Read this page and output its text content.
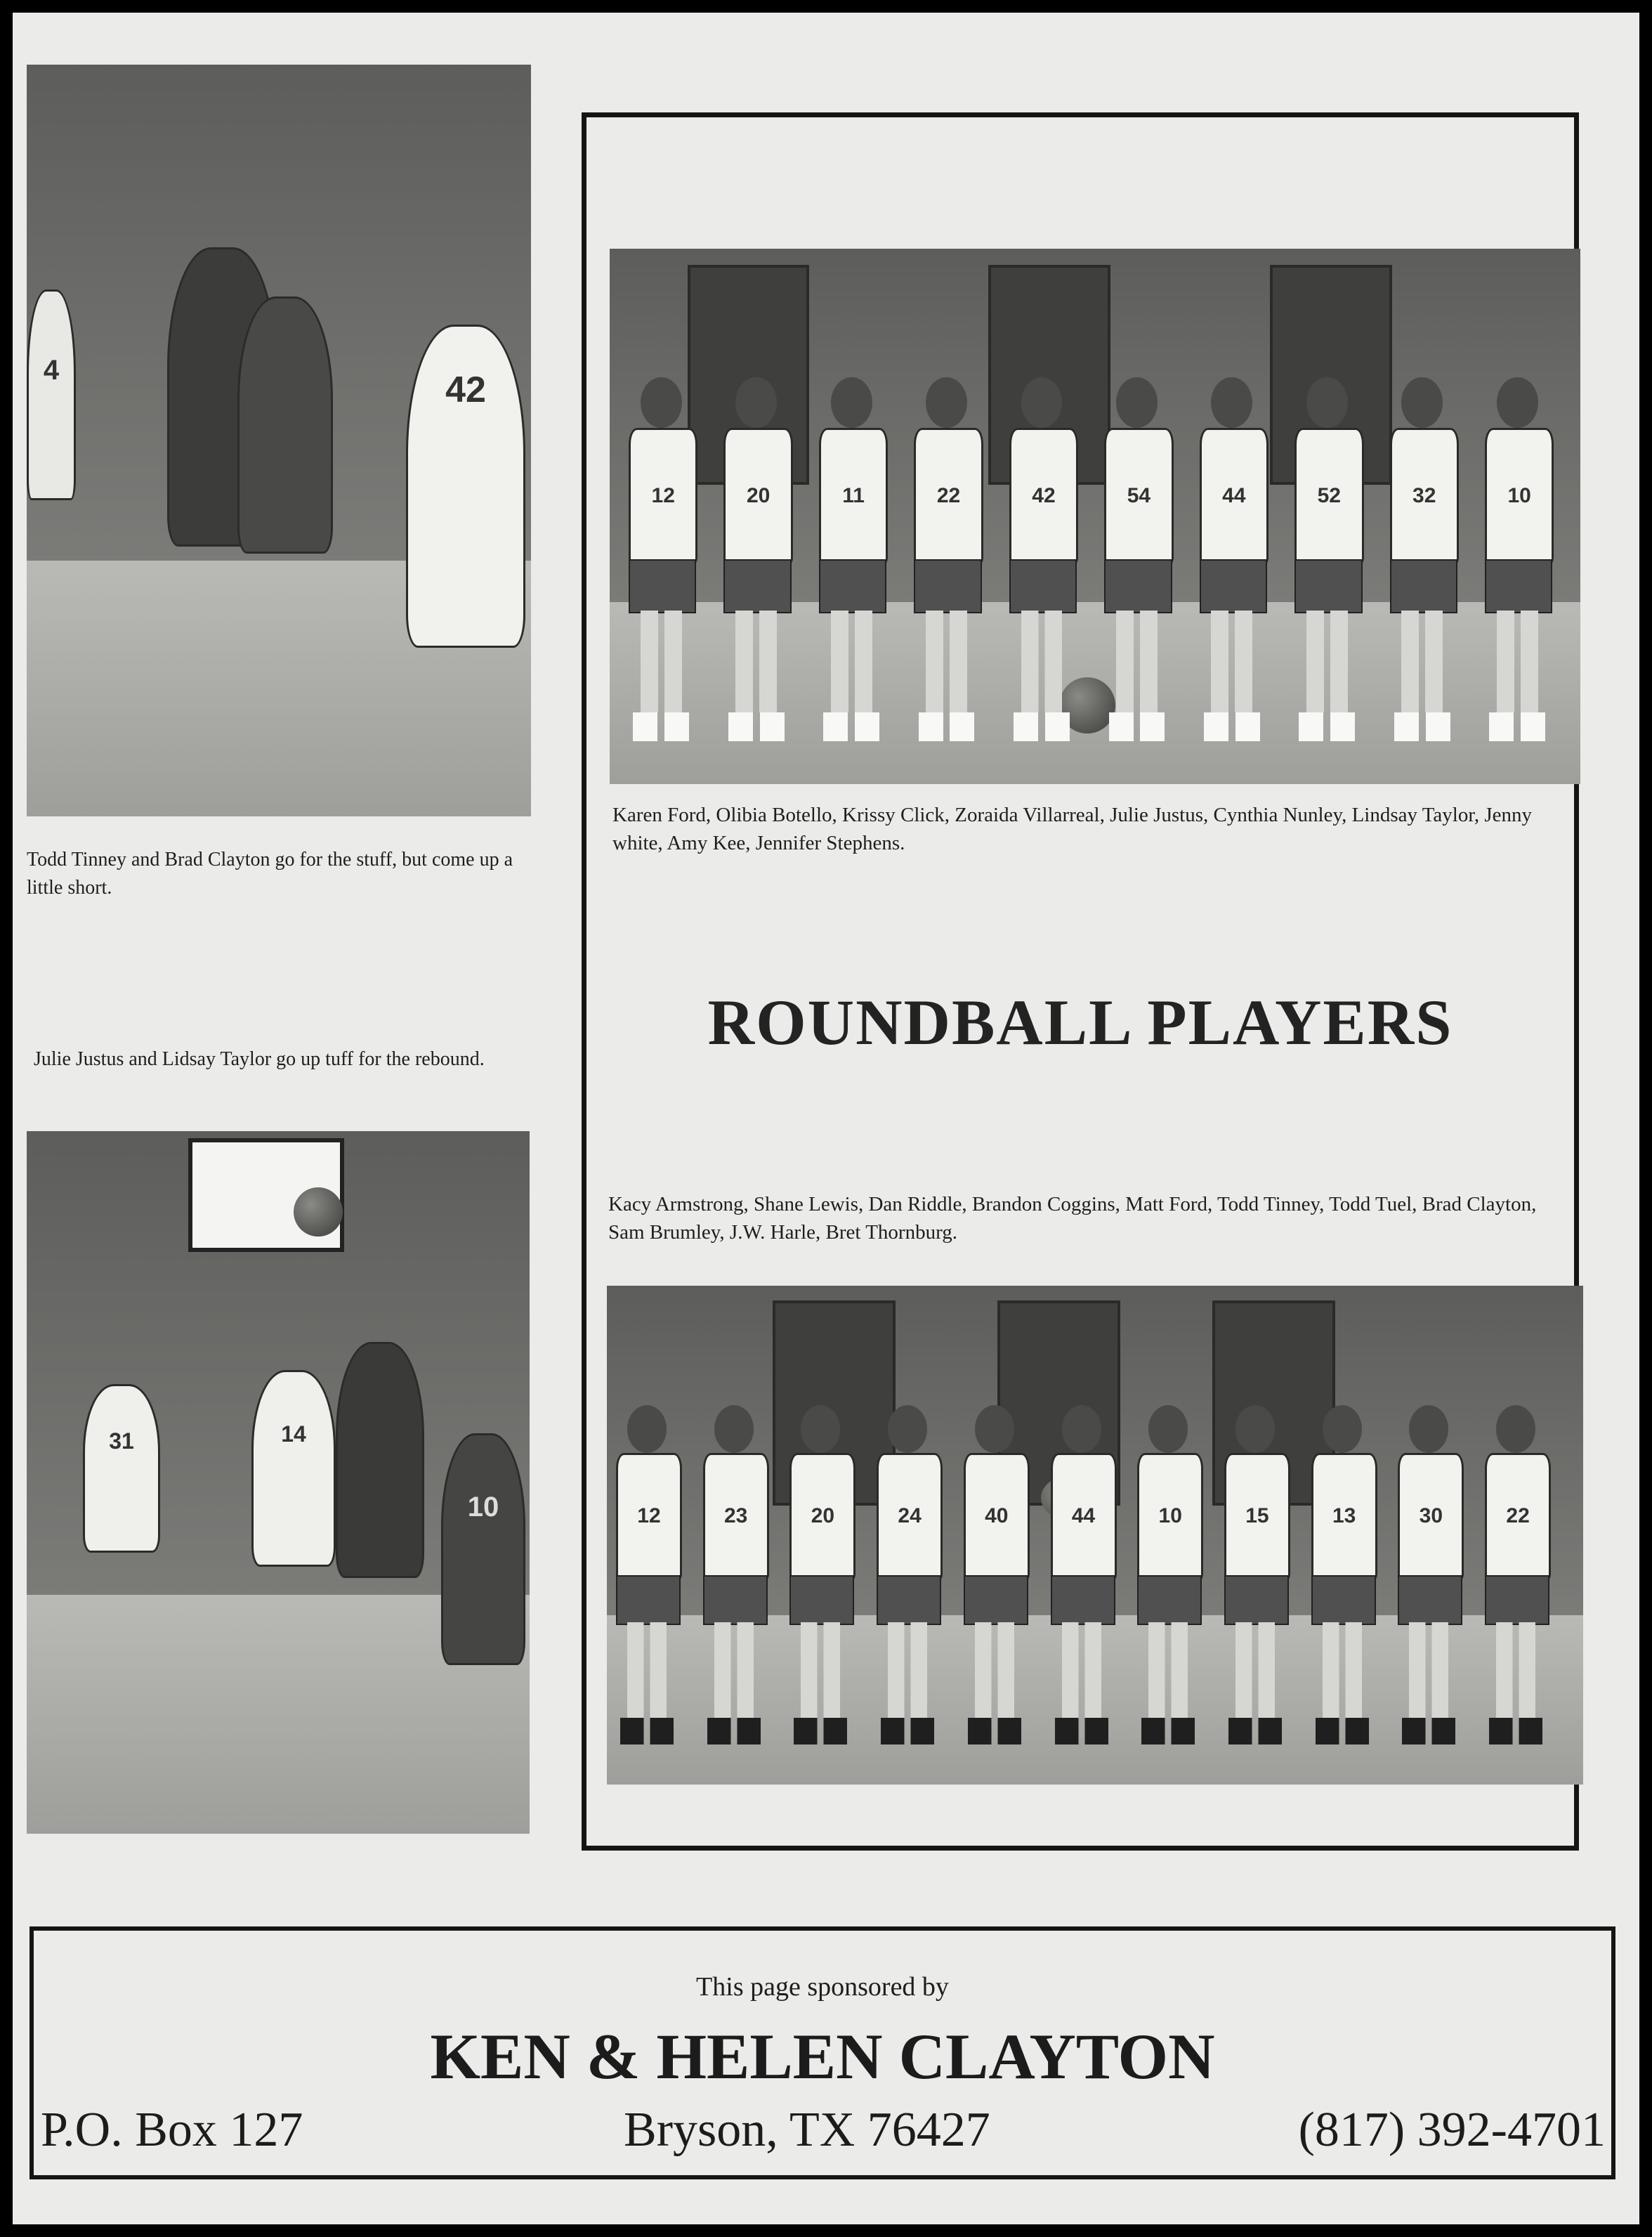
42
4
Todd Tinney and Brad Clayton go for the stuff, but come up a little short.
Julie Justus and Lidsay Taylor go up tuff for the rebound.
31	14
10
12	20	11	22	42	54	44	52	32	10
Karen Ford, Olibia Botello, Krissy Click, Zoraida Villarreal, Julie Justus, Cynthia Nunley, Lindsay Taylor, Jenny white, Amy Kee, Jennifer Stephens.
ROUNDBALL PLAYERS
Kacy Armstrong, Shane Lewis, Dan Riddle, Brandon Coggins, Matt Ford, Todd Tinney, Todd Tuel, Brad Clayton, Sam Brumley, J.W. Harle, Bret Thornburg.
12	23	20	24	40	44	10	15	13	30	22
This page sponsored by
KEN & HELEN CLAYTON
P.O. Box 127	Bryson, TX 76427	(817) 392-4701
